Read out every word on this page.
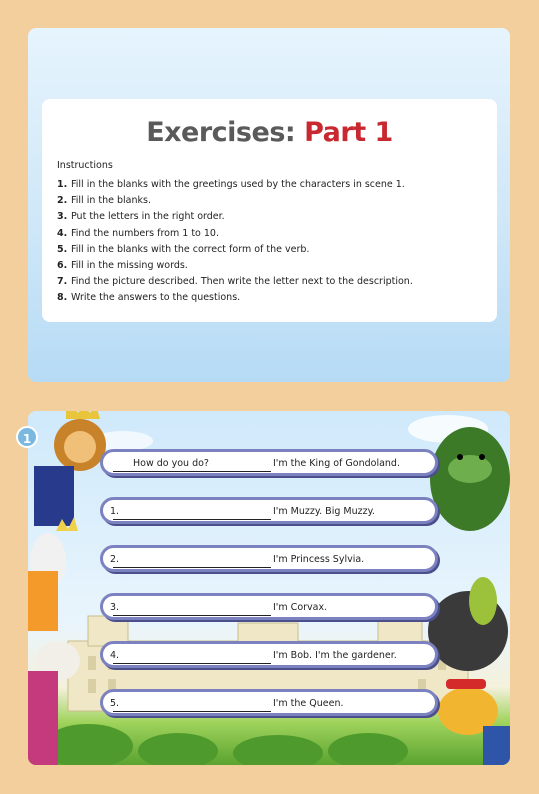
Exercises: Part 1
Instructions
1. Fill in the blanks with the greetings used by the characters in scene 1.
2. Fill in the blanks.
3. Put the letters in the right order.
4. Find the numbers from 1 to 10.
5. Fill in the blanks with the correct form of the verb.
6. Fill in the missing words.
7. Find the picture described. Then write the letter next to the description.
8. Write the answers to the questions.
1
How do you do?	I'm the King of Gondoland.
1.	I'm Muzzy. Big Muzzy.
2.	I'm Princess Sylvia.
3.	I'm Corvax.
4.	I'm Bob. I'm the gardener.
5.	I'm the Queen.
